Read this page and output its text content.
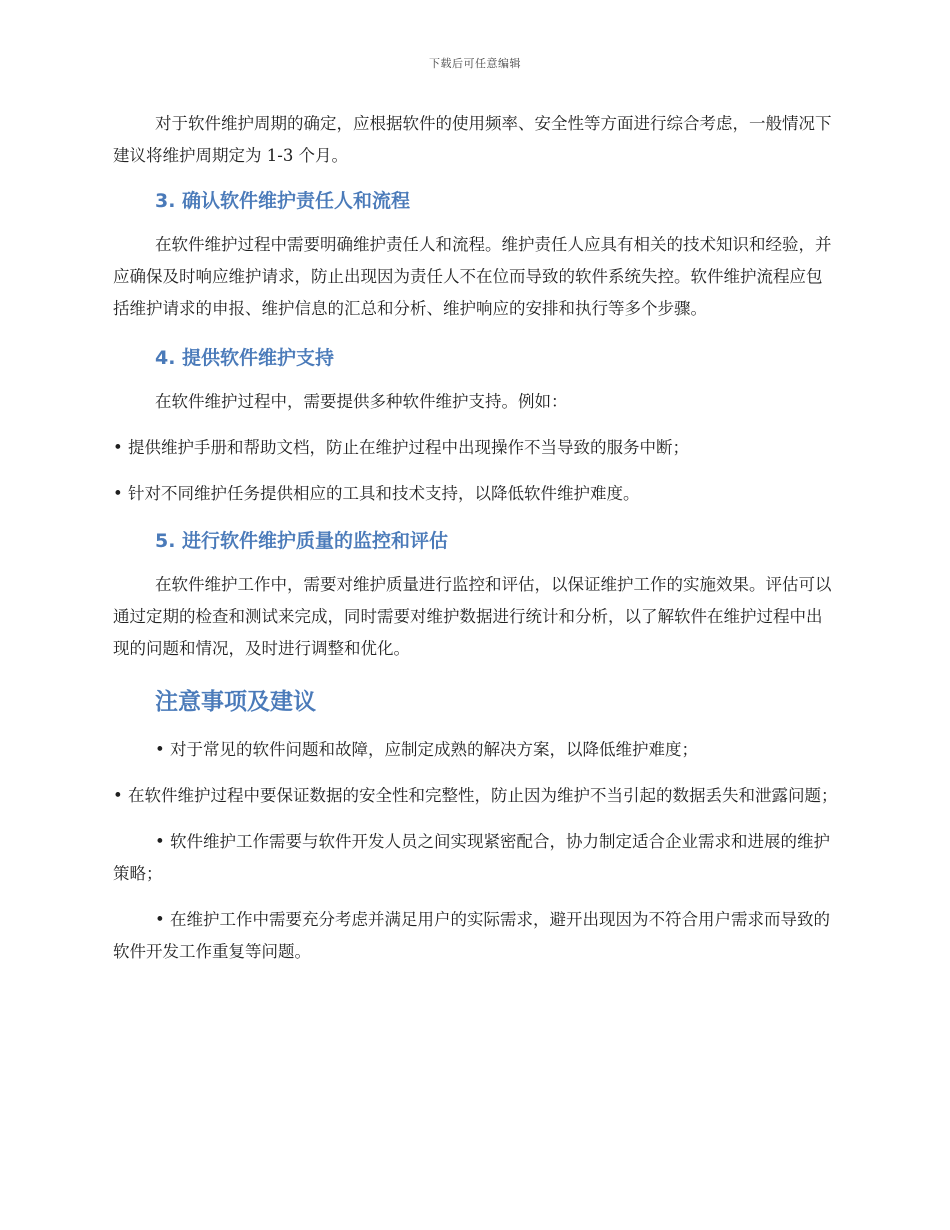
下载后可任意编辑

对于软件维护周期的确定，应根据软件的使用频率、安全性等方面进行综合考虑，一般情况下建议将维护周期定为 1-3 个月。

3. 确认软件维护责任人和流程

在软件维护过程中需要明确维护责任人和流程。维护责任人应具有相关的技术知识和经验，并应确保及时响应维护请求，防止出现因为责任人不在位而导致的软件系统失控。软件维护流程应包括维护请求的申报、维护信息的汇总和分析、维护响应的安排和执行等多个步骤。

4. 提供软件维护支持

在软件维护过程中，需要提供多种软件维护支持。例如：

• 提供维护手册和帮助文档，防止在维护过程中出现操作不当导致的服务中断；

• 针对不同维护任务提供相应的工具和技术支持，以降低软件维护难度。

5. 进行软件维护质量的监控和评估

在软件维护工作中，需要对维护质量进行监控和评估，以保证维护工作的实施效果。评估可以通过定期的检查和测试来完成，同时需要对维护数据进行统计和分析，以了解软件在维护过程中出现的问题和情况，及时进行调整和优化。

注意事项及建议

• 对于常见的软件问题和故障，应制定成熟的解决方案，以降低维护难度；

• 在软件维护过程中要保证数据的安全性和完整性，防止因为维护不当引起的数据丢失和泄露问题；

• 软件维护工作需要与软件开发人员之间实现紧密配合，协力制定适合企业需求和进展的维护策略；

• 在维护工作中需要充分考虑并满足用户的实际需求，避开出现因为不符合用户需求而导致的软件开发工作重复等问题。
